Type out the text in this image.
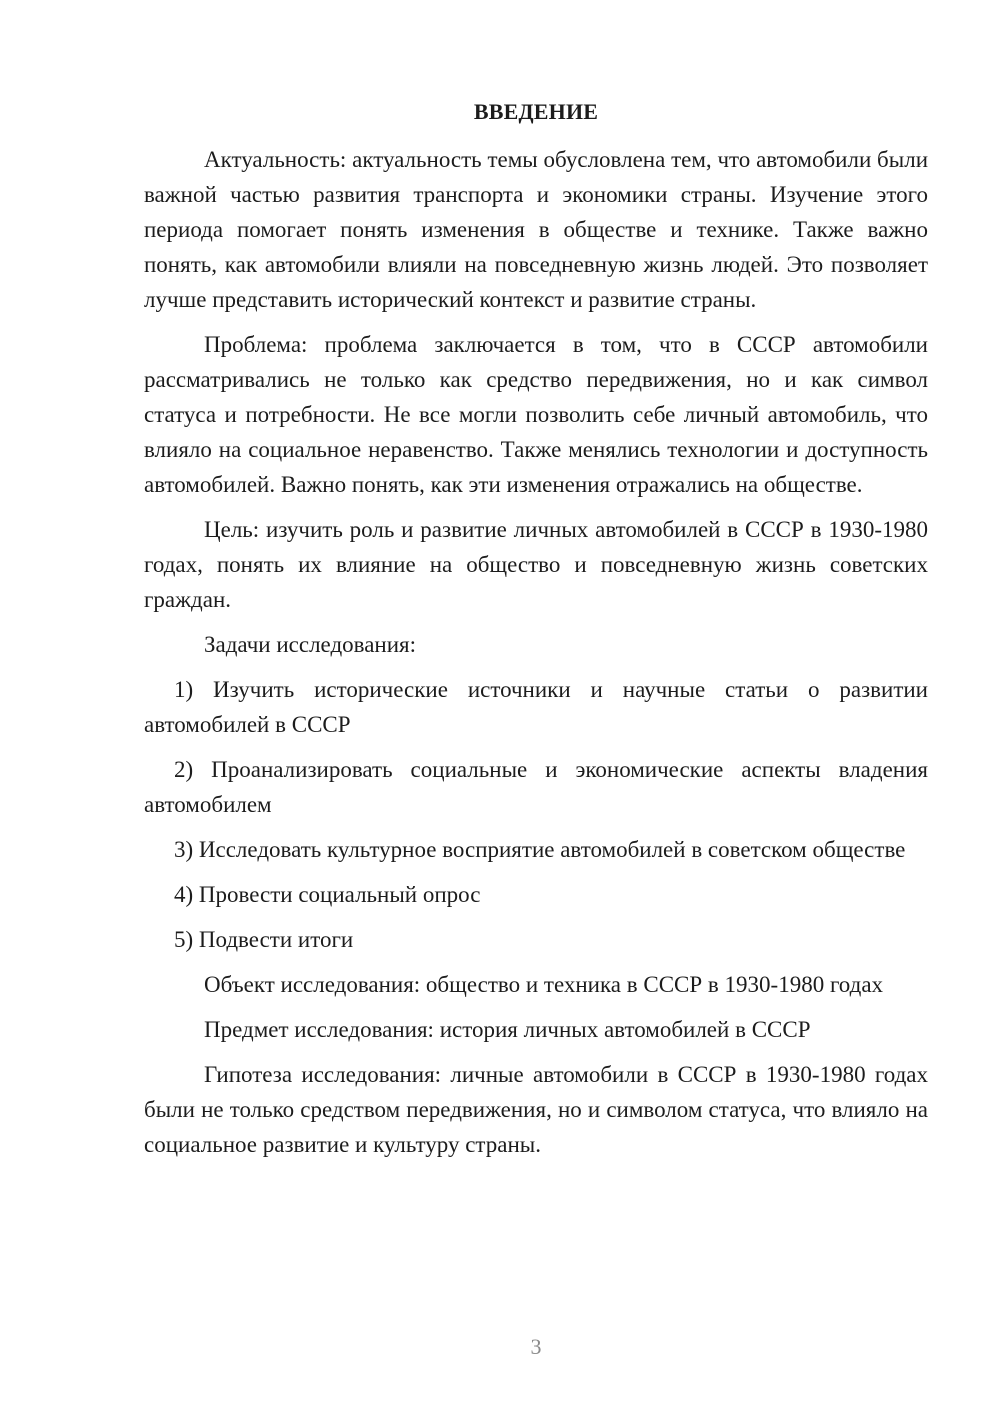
ВВЕДЕНИЕ

Актуальность: актуальность темы обусловлена тем, что автомобили были важной частью развития транспорта и экономики страны. Изучение этого периода помогает понять изменения в обществе и технике. Также важно понять, как автомобили влияли на повседневную жизнь людей. Это позволяет лучше представить исторический контекст и развитие страны.

Проблема: проблема заключается в том, что в СССР автомобили рассматривались не только как средство передвижения, но и как символ статуса и потребности. Не все могли позволить себе личный автомобиль, что влияло на социальное неравенство. Также менялись технологии и доступность автомобилей. Важно понять, как эти изменения отражались на обществе.

Цель: изучить роль и развитие личных автомобилей в СССР в 1930-1980 годах, понять их влияние на общество и повседневную жизнь советских граждан.

Задачи исследования:

1) Изучить исторические источники и научные статьи о развитии автомобилей в СССР

2) Проанализировать социальные и экономические аспекты владения автомобилем

3) Исследовать культурное восприятие автомобилей в советском обществе

4) Провести социальный опрос

5) Подвести итоги

Объект исследования: общество и техника в СССР в 1930-1980 годах

Предмет исследования: история личных автомобилей в СССР

Гипотеза исследования: личные автомобили в СССР в 1930-1980 годах были не только средством передвижения, но и символом статуса, что влияло на социальное развитие и культуру страны.

3
